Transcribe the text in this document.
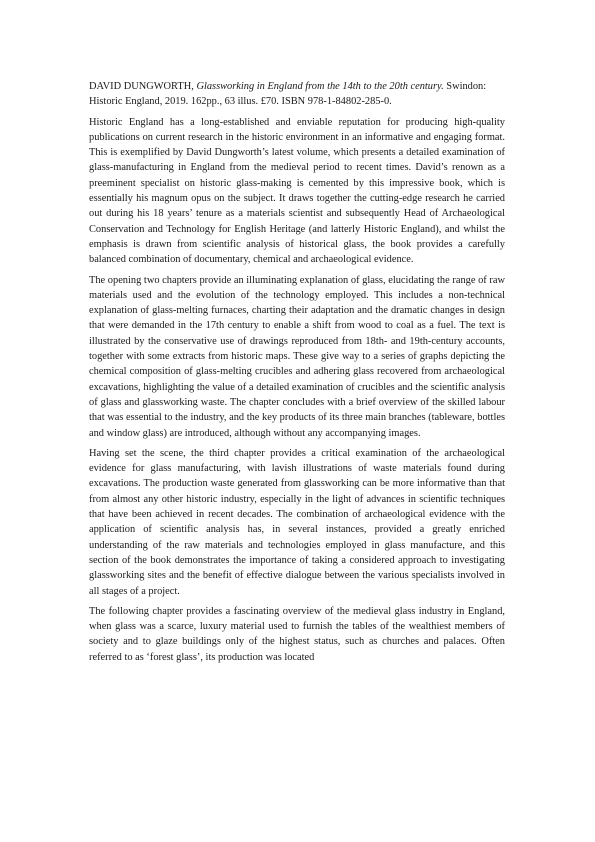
DAVID DUNGWORTH, Glassworking in England from the 14th to the 20th century. Swindon: Historic England, 2019. 162pp., 63 illus. £70. ISBN 978-1-84802-285-0.

Historic England has a long-established and enviable reputation for producing high-quality publications on current research in the historic environment in an informative and engaging format. This is exemplified by David Dungworth’s latest volume, which presents a detailed examination of glass-manufacturing in England from the medieval period to recent times. David’s renown as a preeminent specialist on historic glass-making is cemented by this impressive book, which is essentially his magnum opus on the subject. It draws together the cutting-edge research he carried out during his 18 years’ tenure as a materials scientist and subsequently Head of Archaeological Conservation and Technology for English Heritage (and latterly Historic England), and whilst the emphasis is drawn from scientific analysis of historical glass, the book provides a carefully balanced combination of documentary, chemical and archaeological evidence.

The opening two chapters provide an illuminating explanation of glass, elucidating the range of raw materials used and the evolution of the technology employed. This includes a non-technical explanation of glass-melting furnaces, charting their adaptation and the dramatic changes in design that were demanded in the 17th century to enable a shift from wood to coal as a fuel. The text is illustrated by the conservative use of drawings reproduced from 18th- and 19th-century accounts, together with some extracts from historic maps. These give way to a series of graphs depicting the chemical composition of glass-melting crucibles and adhering glass recovered from archaeological excavations, highlighting the value of a detailed examination of crucibles and the scientific analysis of glass and glassworking waste. The chapter concludes with a brief overview of the skilled labour that was essential to the industry, and the key products of its three main branches (tableware, bottles and window glass) are introduced, although without any accompanying images.

Having set the scene, the third chapter provides a critical examination of the archaeological evidence for glass manufacturing, with lavish illustrations of waste materials found during excavations. The production waste generated from glassworking can be more informative than that from almost any other historic industry, especially in the light of advances in scientific techniques that have been achieved in recent decades. The combination of archaeological evidence with the application of scientific analysis has, in several instances, provided a greatly enriched understanding of the raw materials and technologies employed in glass manufacture, and this section of the book demonstrates the importance of taking a considered approach to investigating glassworking sites and the benefit of effective dialogue between the various specialists involved in all stages of a project.

The following chapter provides a fascinating overview of the medieval glass industry in England, when glass was a scarce, luxury material used to furnish the tables of the wealthiest members of society and to glaze buildings only of the highest status, such as churches and palaces. Often referred to as ‘forest glass’, its production was located
